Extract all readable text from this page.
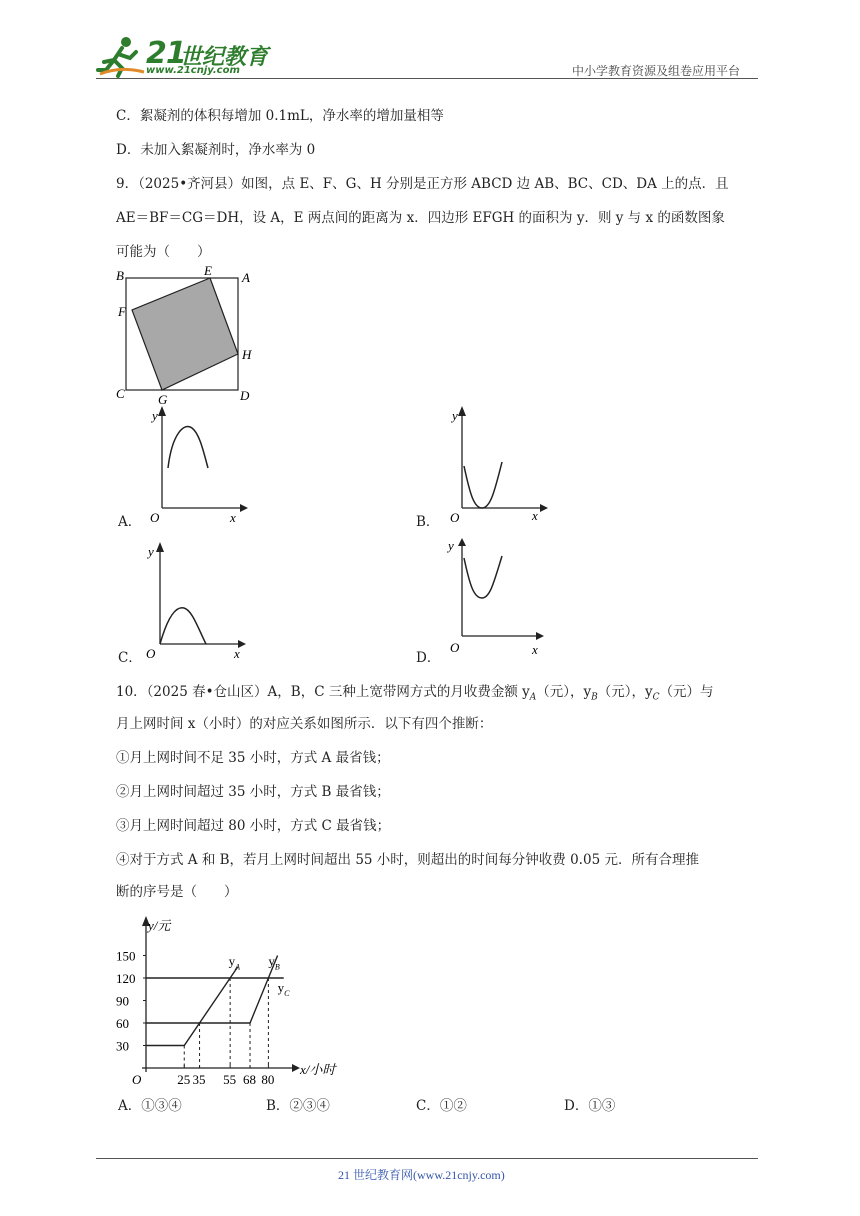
21
世纪教育
www.21cnjy.com	中小学教育资源及组卷应用平台
C．絮凝剂的体积每增加 0.1mL，净水率的增加量相等
D．未加入絮凝剂时，净水率为 0
9．（2025•齐河县）如图，点 E、F、G、H 分别是正方形 ABCD 边 AB、BC、CD、DA 上的点．且
AE＝BF＝CG＝DH，设 A，E 两点间的距离为 x．四边形 EFGH 的面积为 y．则 y 与 x 的函数图象
可能为（　　）
B	E A
F
H
C	G	D
A．
y
x
O	B．
y
x
O
C．
y
x
O	D．
y
x
O
10．（2025 春•仓山区）A，B，C 三种上宽带网方式的月收费金额 $y_A$（元），$y_B$（元），$y_C$（元）与
月上网时间 x（小时）的对应关系如图所示．以下有四个推断：
①月上网时间不足 35 小时，方式 A 最省钱；
②月上网时间超过 35 小时，方式 B 最省钱；
③月上网时间超过 80 小时，方式 C 最省钱；
④对于方式 A 和 B，若月上网时间超出 55 小时，则超出的时间每分钟收费 0.05 元．所有合理推
断的序号是（　　）
y/元
x/小时
O
30
60
90
120
150
25 35 55 68 80
$y_A$ $y_B$
$y_C$
A．①③④	B．②③④	C．①②	D．①③
21 世纪教育网(www.21cnjy.com)
